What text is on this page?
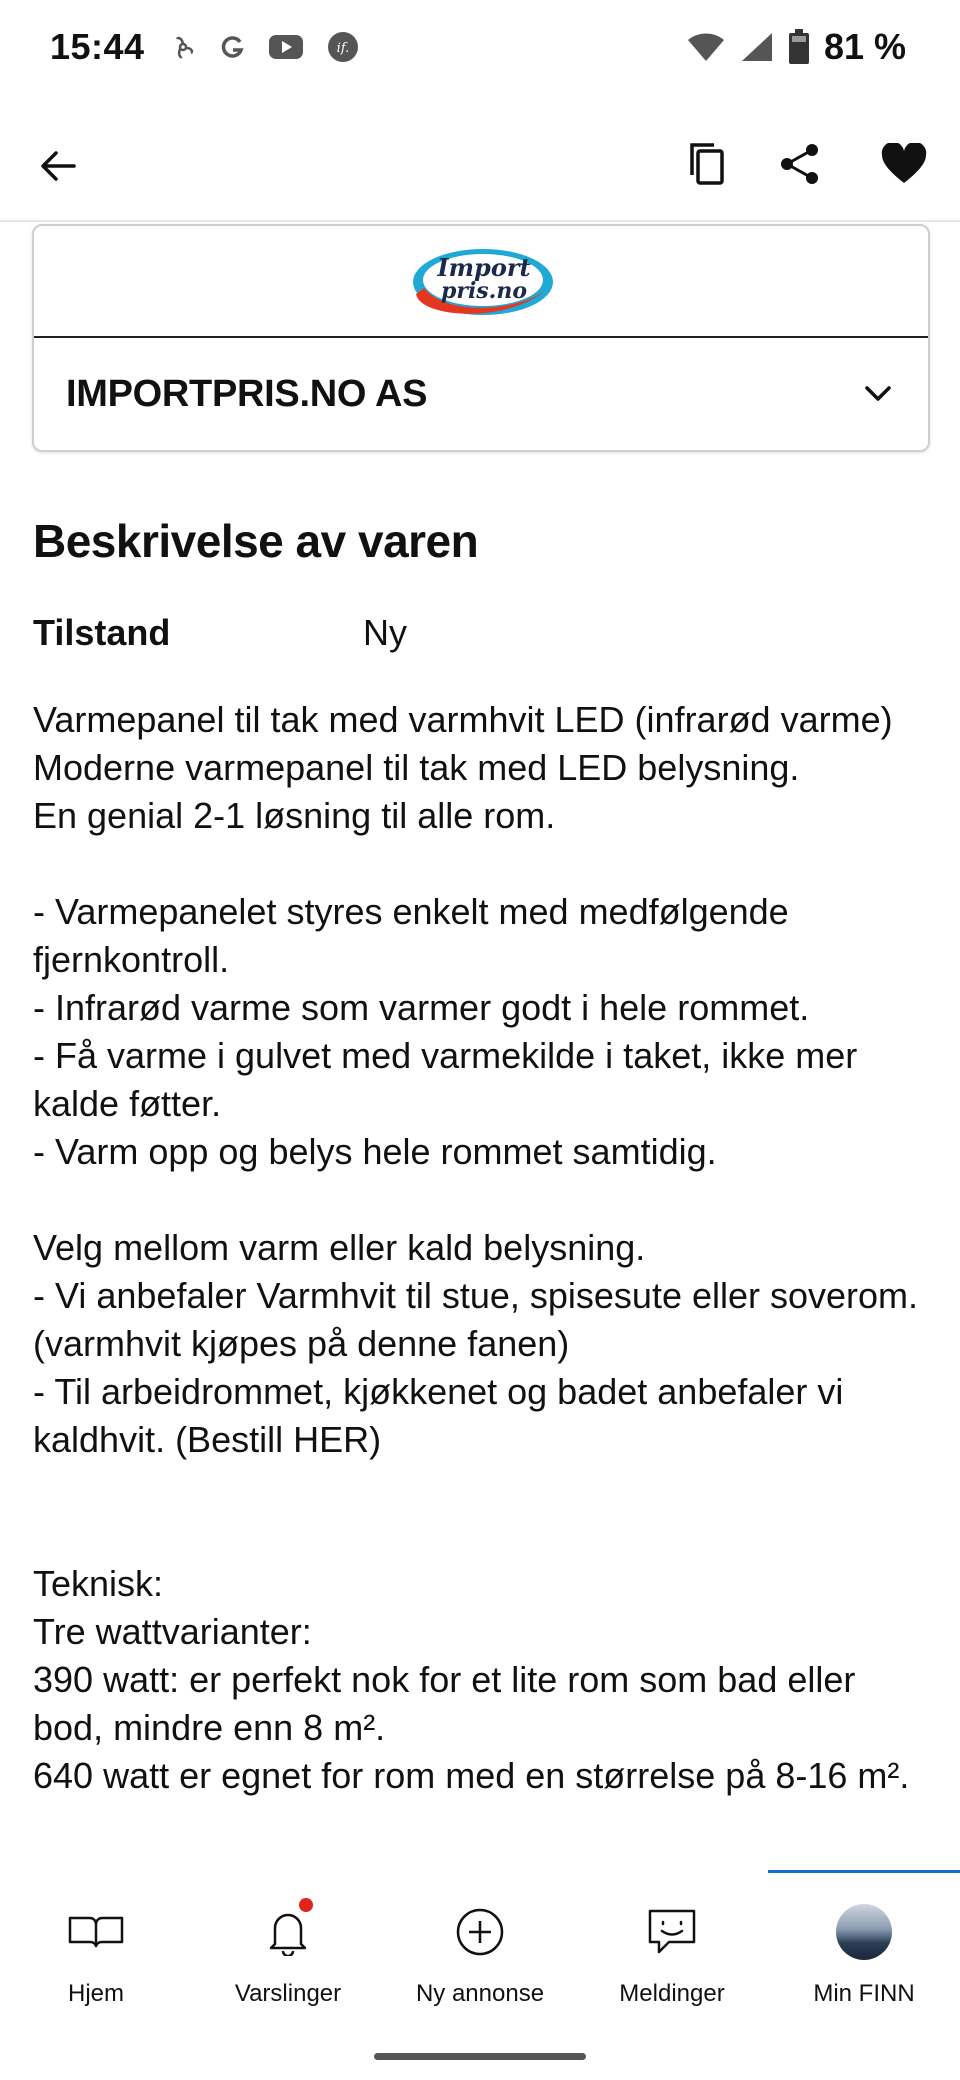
15:44	if.	81 %
Import
pris.no
IMPORTPRIS.NO AS
Beskrivelse av varen
Tilstand	Ny
Varmepanel til tak med varmhvit LED (infrarød varme)
Moderne varmepanel til tak med LED belysning.
En genial 2-1 løsning til alle rom.

- Varmepanelet styres enkelt med medfølgende fjernkontroll.
- Infrarød varme som varmer godt i hele rommet.
- Få varme i gulvet med varmekilde i taket, ikke mer kalde føtter.
- Varm opp og belys hele rommet samtidig.

Velg mellom varm eller kald belysning.
- Vi anbefaler Varmhvit til stue, spisesute eller soverom. (varmhvit kjøpes på denne fanen)
- Til arbeidrommet, kjøkkenet og badet anbefaler vi kaldhvit. (Bestill HER)

Teknisk:
Tre wattvarianter:
390 watt: er perfekt nok for et lite rom som bad eller bod, mindre enn 8 m².
640 watt er egnet for rom med en størrelse på 8-16 m².
Hjem	Varslinger	Ny annonse	Meldinger	Min FINN
